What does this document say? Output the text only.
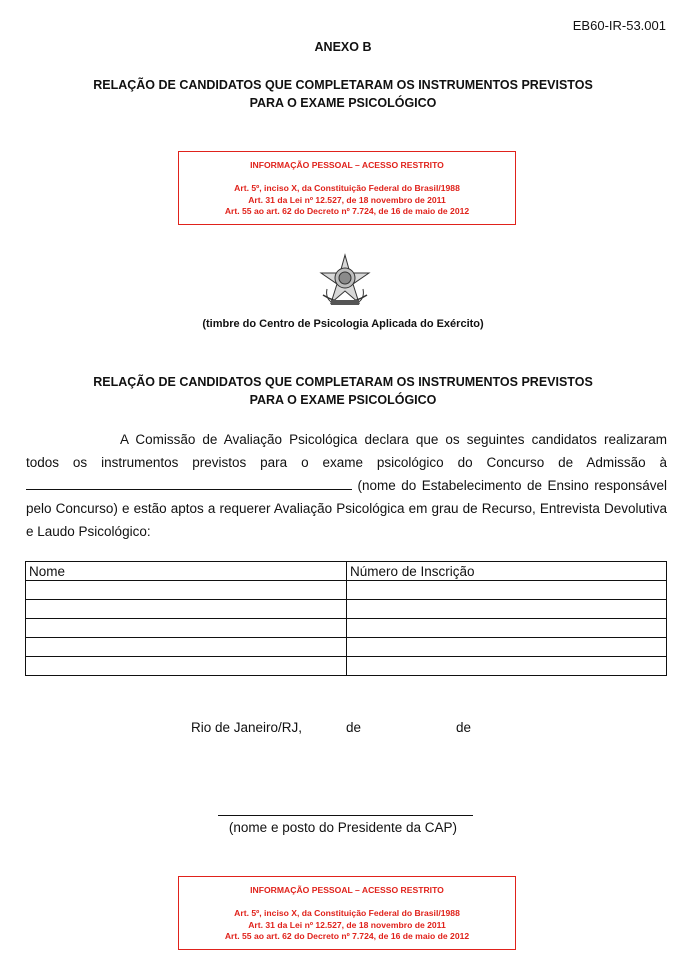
EB60-IR-53.001
ANEXO B
RELAÇÃO DE CANDIDATOS QUE COMPLETARAM OS INSTRUMENTOS PREVISTOS
PARA O EXAME PSICOLÓGICO
INFORMAÇÃO PESSOAL – ACESSO RESTRITO
Art. 5º, inciso X, da Constituição Federal do Brasil/1988
Art. 31 da Lei nº 12.527, de 18 novembro de 2011
Art. 55 ao art. 62 do Decreto nº 7.724, de 16 de maio de 2012
(timbre do Centro de Psicologia Aplicada do Exército)
RELAÇÃO DE CANDIDATOS QUE COMPLETARAM OS INSTRUMENTOS PREVISTOS
PARA O EXAME PSICOLÓGICO
A Comissão de Avaliação Psicológica declara que os seguintes candidatos realizaram todos os instrumentos previstos para o exame psicológico do Concurso de Admissão à  (nome do Estabelecimento de Ensino responsável pelo Concurso) e estão aptos a requerer Avaliação Psicológica em grau de Recurso, Entrevista Devolutiva e Laudo Psicológico:
Nome	Número de Inscrição

Rio de Janeiro/RJ,	de	de
(nome e posto do Presidente da CAP)
INFORMAÇÃO PESSOAL – ACESSO RESTRITO
Art. 5º, inciso X, da Constituição Federal do Brasil/1988
Art. 31 da Lei nº 12.527, de 18 novembro de 2011
Art. 55 ao art. 62 do Decreto nº 7.724, de 16 de maio de 2012
